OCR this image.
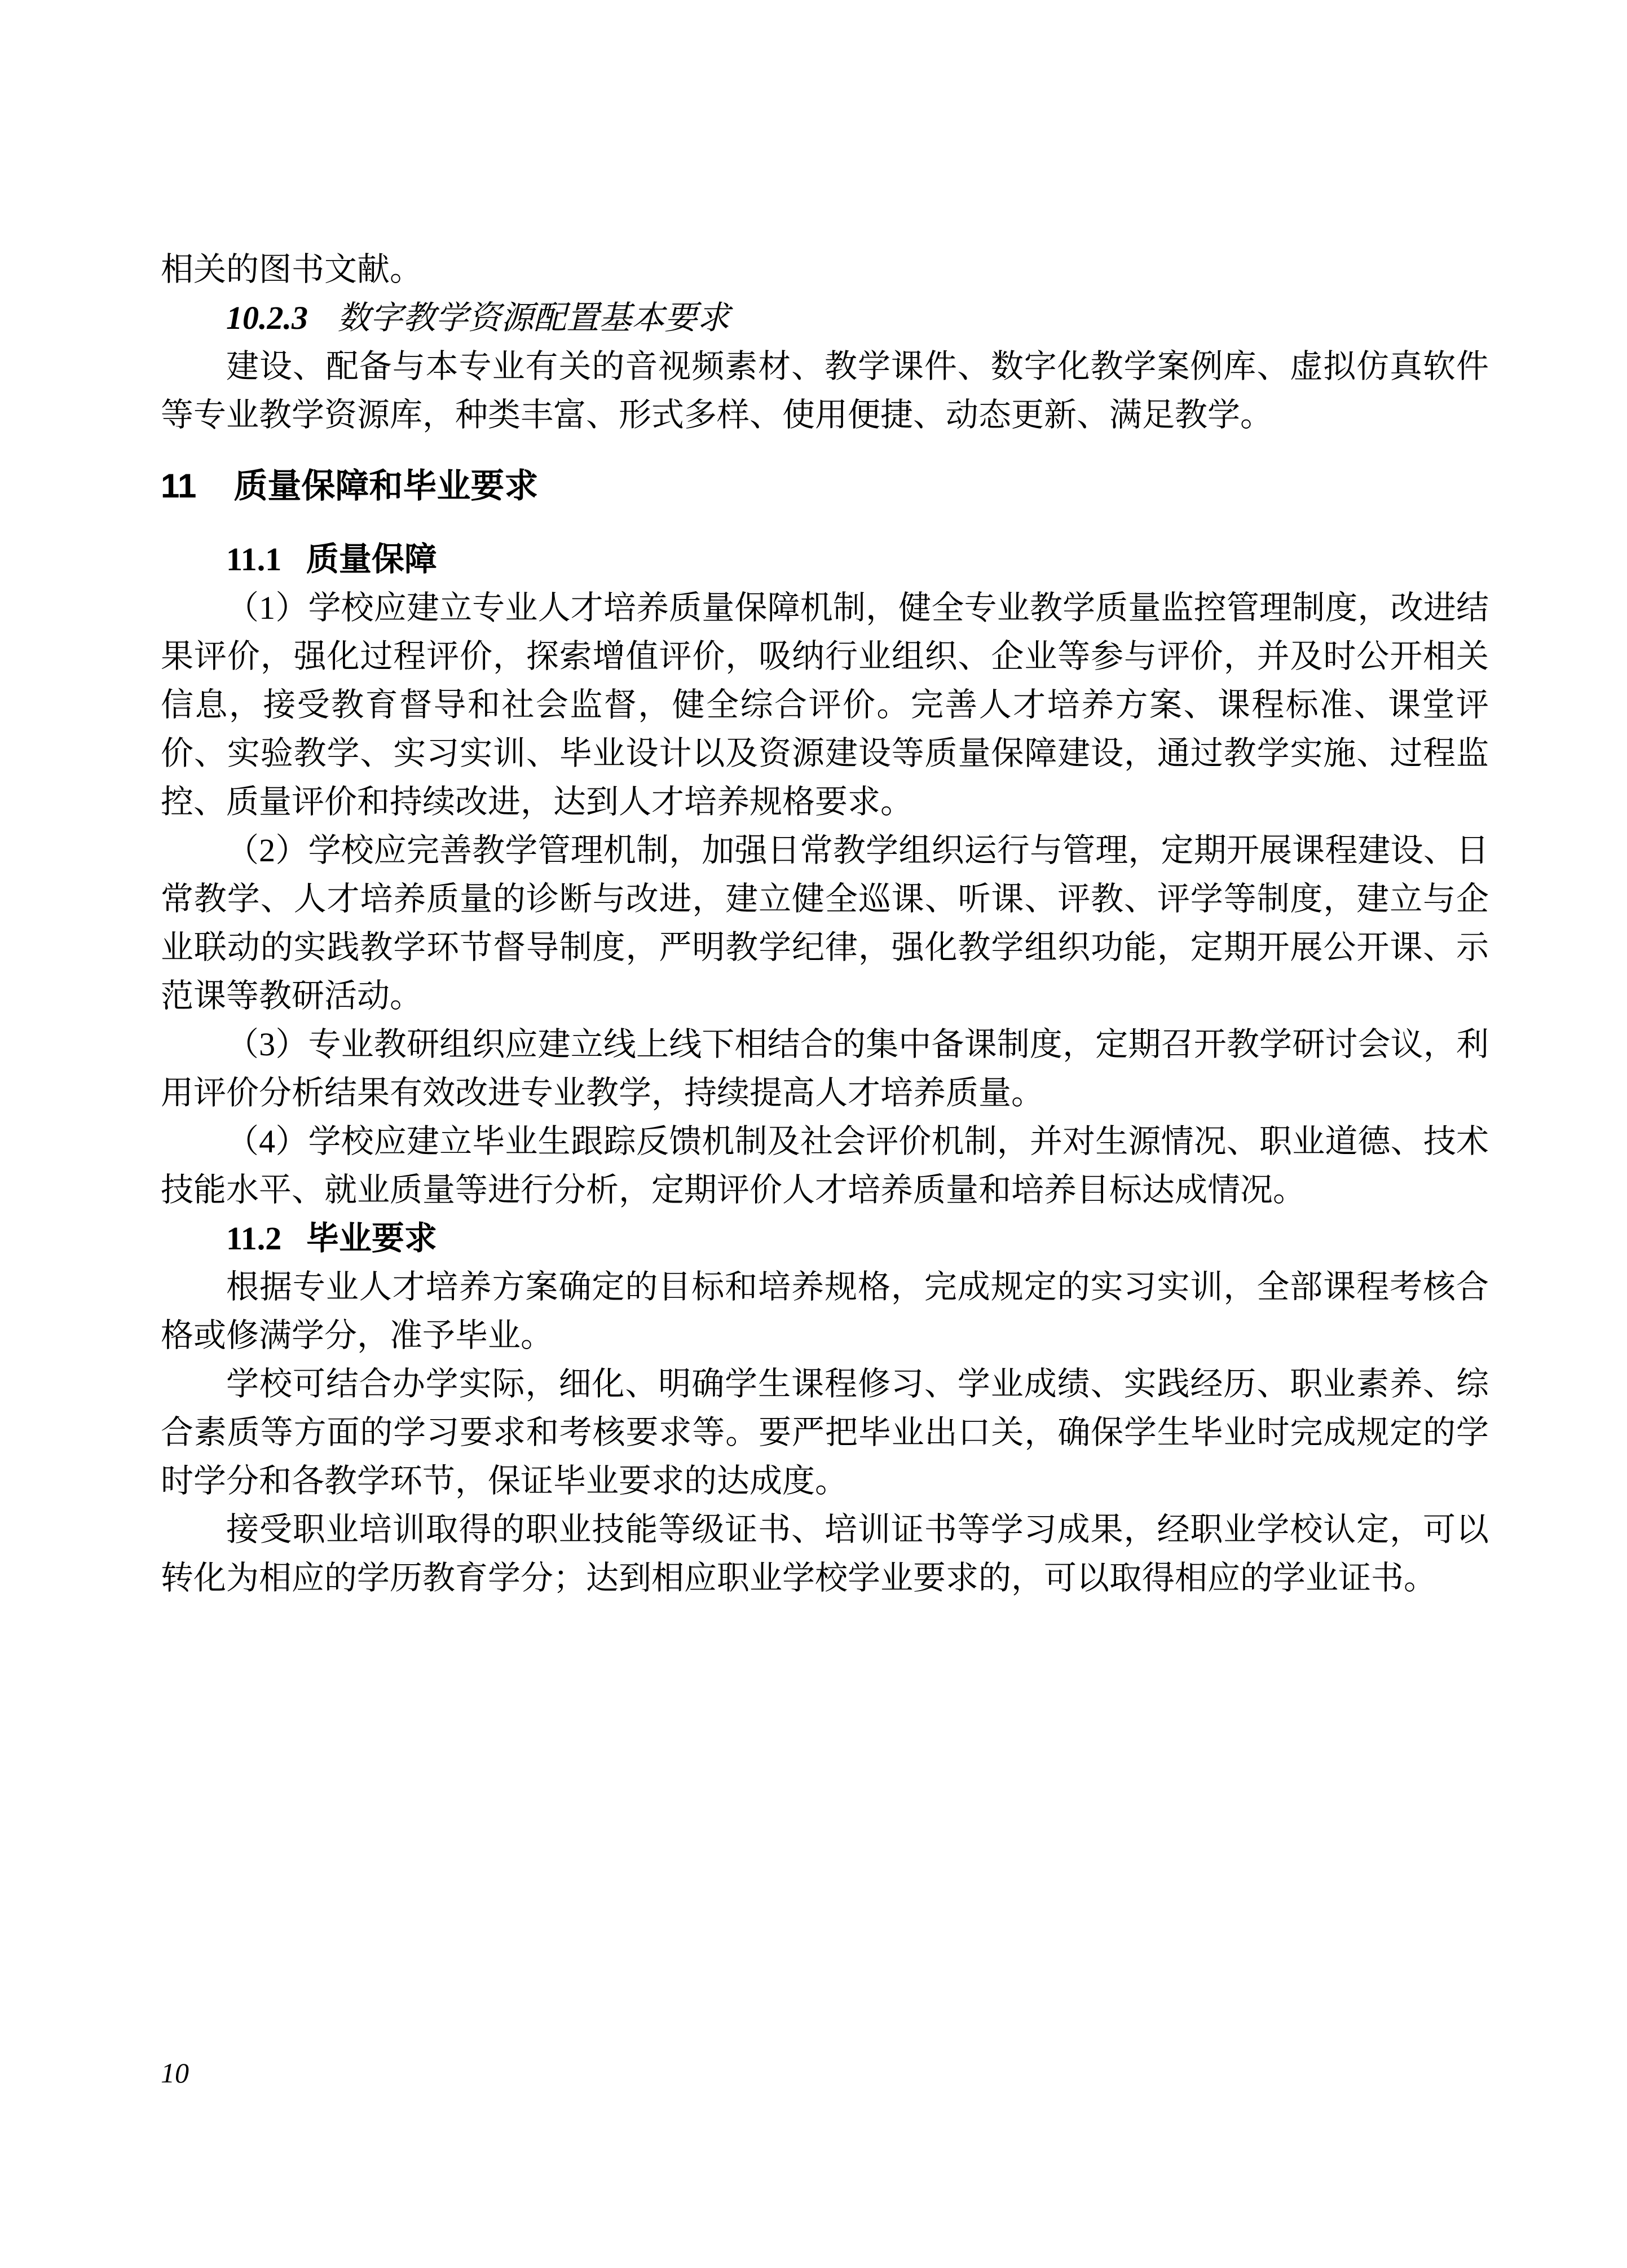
相关的图书文献。

10.2.3 数字教学资源配置基本要求

建设、配备与本专业有关的音视频素材、教学课件、数字化教学案例库、虚拟仿真软件等专业教学资源库，种类丰富、形式多样、使用便捷、动态更新、满足教学。

11 质量保障和毕业要求

11.1 质量保障

（1）学校应建立专业人才培养质量保障机制，健全专业教学质量监控管理制度，改进结果评价，强化过程评价，探索增值评价，吸纳行业组织、企业等参与评价，并及时公开相关信息，接受教育督导和社会监督，健全综合评价。完善人才培养方案、课程标准、课堂评价、实验教学、实习实训、毕业设计以及资源建设等质量保障建设，通过教学实施、过程监控、质量评价和持续改进，达到人才培养规格要求。

（2）学校应完善教学管理机制，加强日常教学组织运行与管理，定期开展课程建设、日常教学、人才培养质量的诊断与改进，建立健全巡课、听课、评教、评学等制度，建立与企业联动的实践教学环节督导制度，严明教学纪律，强化教学组织功能，定期开展公开课、示范课等教研活动。

（3）专业教研组织应建立线上线下相结合的集中备课制度，定期召开教学研讨会议，利用评价分析结果有效改进专业教学，持续提高人才培养质量。

（4）学校应建立毕业生跟踪反馈机制及社会评价机制，并对生源情况、职业道德、技术技能水平、就业质量等进行分析，定期评价人才培养质量和培养目标达成情况。

11.2 毕业要求

根据专业人才培养方案确定的目标和培养规格，完成规定的实习实训，全部课程考核合格或修满学分，准予毕业。

学校可结合办学实际，细化、明确学生课程修习、学业成绩、实践经历、职业素养、综合素质等方面的学习要求和考核要求等。要严把毕业出口关，确保学生毕业时完成规定的学时学分和各教学环节，保证毕业要求的达成度。

接受职业培训取得的职业技能等级证书、培训证书等学习成果，经职业学校认定，可以转化为相应的学历教育学分；达到相应职业学校学业要求的，可以取得相应的学业证书。

10
